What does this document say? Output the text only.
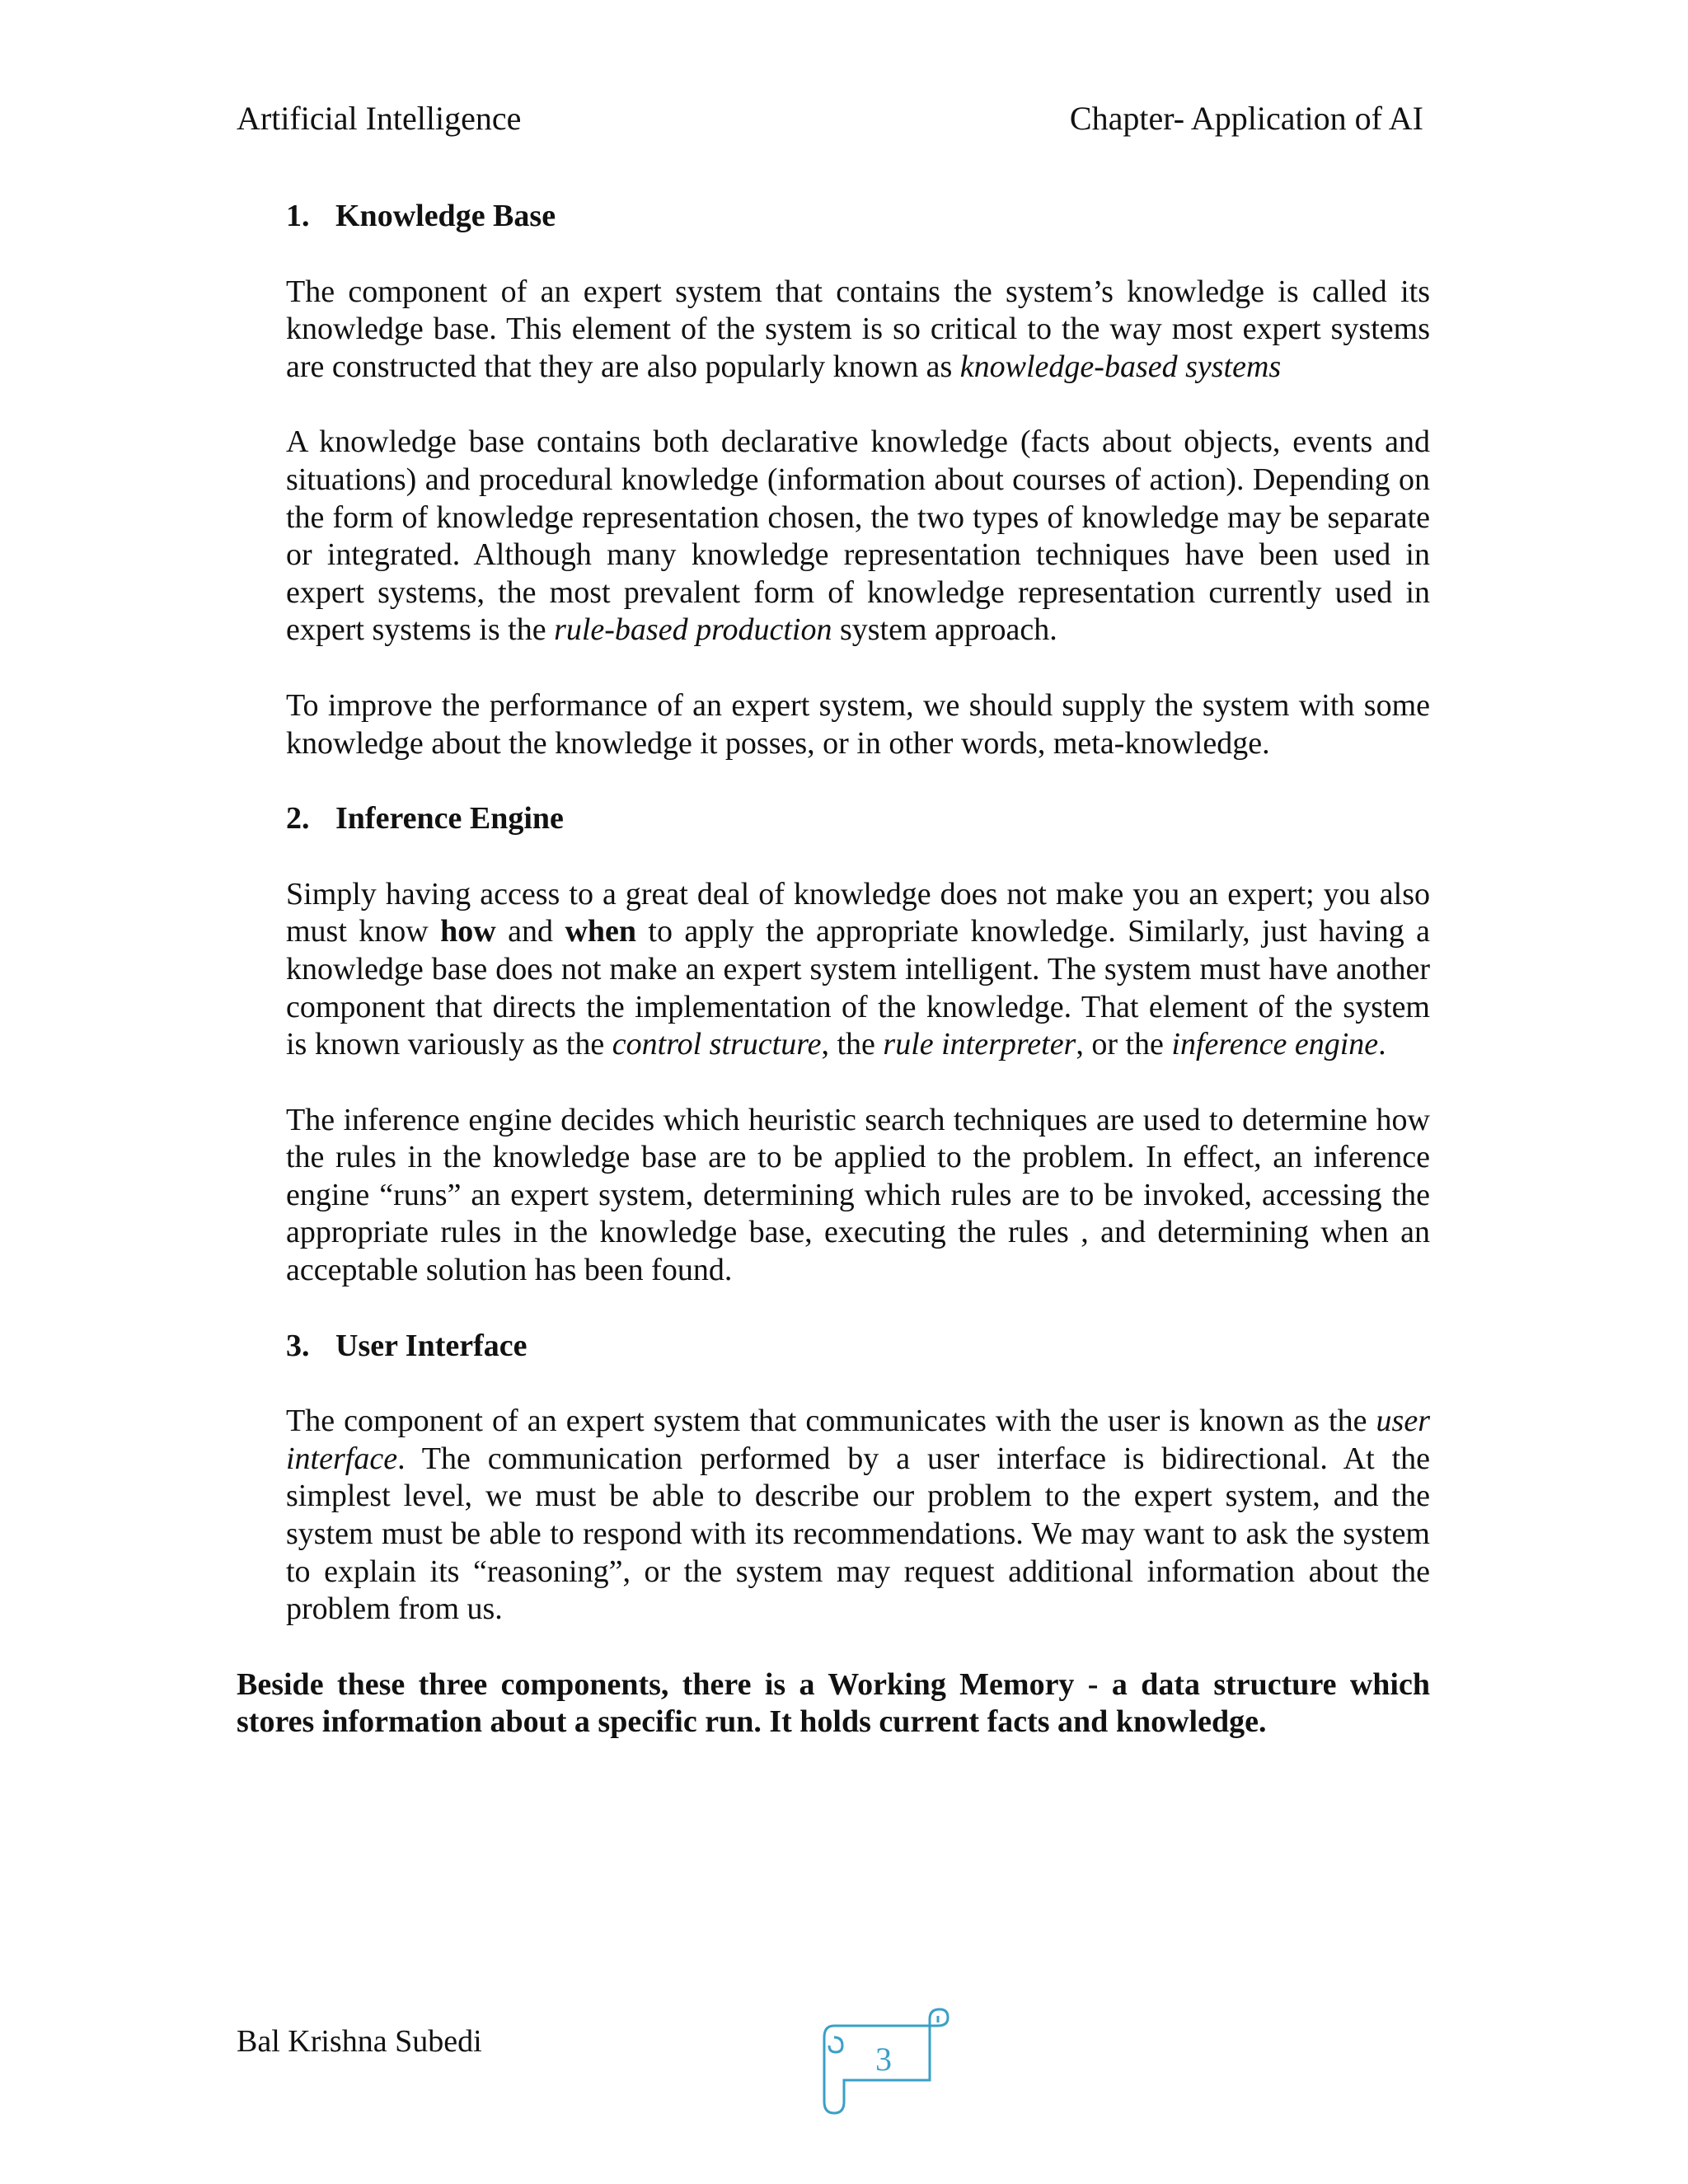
Artificial Intelligence	Chapter- Application of AI
1. Knowledge Base

The component of an expert system that contains the system’s knowledge is called its knowledge base. This element of the system is so critical to the way most expert systems are constructed that they are also popularly known as knowledge-based systems

A knowledge base contains both declarative knowledge (facts about objects, events and situations) and procedural knowledge (information about courses of action). Depending on the form of knowledge representation chosen, the two types of knowledge may be separate or integrated. Although many knowledge representation techniques have been used in expert systems, the most prevalent form of knowledge representation currently used in expert systems is the rule-based production system approach.

To improve the performance of an expert system, we should supply the system with some knowledge about the knowledge it posses, or in other words, meta-knowledge.

2. Inference Engine

Simply having access to a great deal of knowledge does not make you an expert; you also must know how and when to apply the appropriate knowledge. Similarly, just having a knowledge base does not make an expert system intelligent. The system must have another component that directs the implementation of the knowledge. That element of the system is known variously as the control structure, the rule interpreter, or the inference engine.

The inference engine decides which heuristic search techniques are used to determine how the rules in the knowledge base are to be applied to the problem. In effect, an inference engine “runs” an expert system, determining which rules are to be invoked, accessing the appropriate rules in the knowledge base, executing the rules , and determining when an acceptable solution has been found.

3. User Interface

The component of an expert system that communicates with the user is known as the user interface. The communication performed by a user interface is bidirectional. At the simplest level, we must be able to describe our problem to the expert system, and the system must be able to respond with its recommendations. We may want to ask the system to explain its “reasoning”, or the system may request additional information about the problem from us.

Beside these three components, there is a Working Memory - a data structure which stores information about a specific run. It holds current facts and knowledge.

Bal Krishna Subedi	3
